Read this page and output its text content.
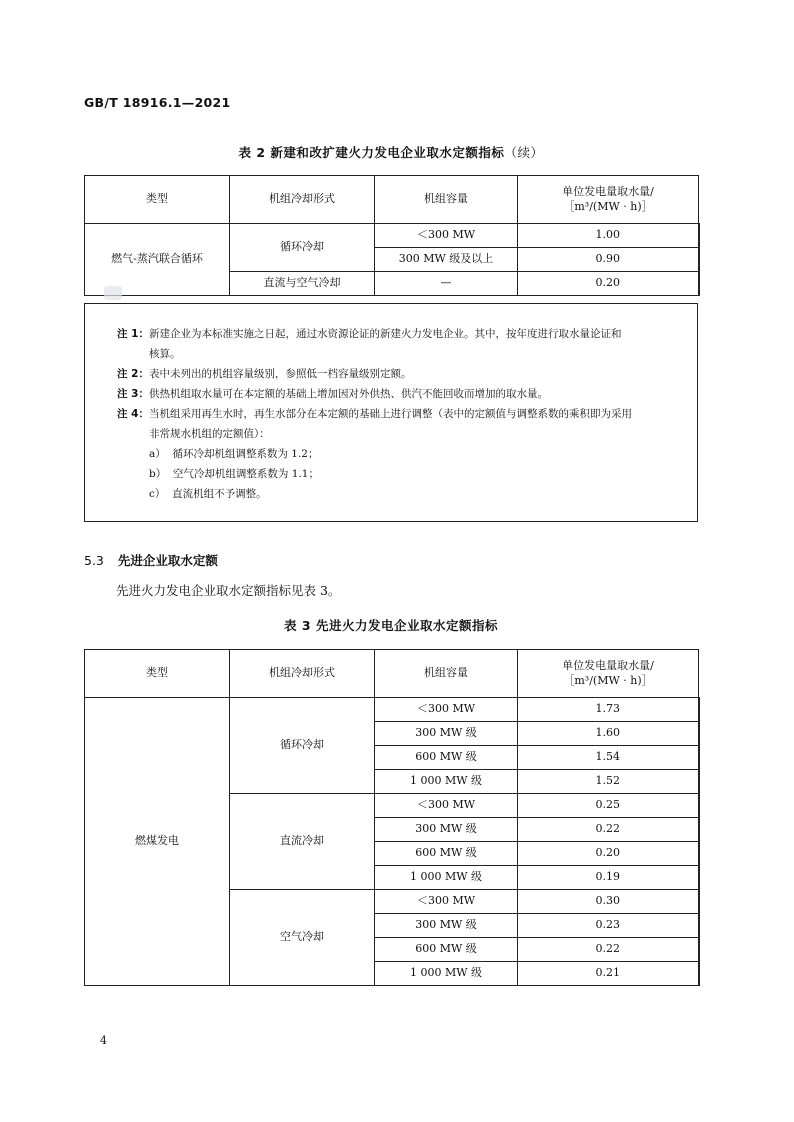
GB/T 18916.1—2021
表 2 新建和改扩建火力发电企业取水定额指标（续）
类型	机组冷却形式	机组容量	单位发电量取水量/
［m³/(MW · h)］
燃气-蒸汽联合循环	循环冷却	＜300 MW	1.00
		300 MW 级及以上	0.90
	直流与空气冷却	—	0.20
注 1：新建企业为本标准实施之日起，通过水资源论证的新建火力发电企业。其中，按年度进行取水量论证和
核算。
注 2：表中未列出的机组容量级别，参照低一档容量级别定额。
注 3：供热机组取水量可在本定额的基础上增加因对外供热、供汽不能回收而增加的取水量。
注 4：当机组采用再生水时，再生水部分在本定额的基础上进行调整（表中的定额值与调整系数的乘积即为采用
非常规水机组的定额值）：
a） 循环冷却机组调整系数为 1.2；
b） 空气冷却机组调整系数为 1.1；
c） 直流机组不予调整。
5.3 先进企业取水定额
先进火力发电企业取水定额指标见表 3。
表 3 先进火力发电企业取水定额指标
类型	机组冷却形式	机组容量	单位发电量取水量/
［m³/(MW · h)］
燃煤发电	循环冷却	＜300 MW	1.73
		300 MW 级	1.60
		600 MW 级	1.54
		1 000 MW 级	1.52
	直流冷却	＜300 MW	0.25
		300 MW 级	0.22
		600 MW 级	0.20
		1 000 MW 级	0.19
	空气冷却	＜300 MW	0.30
		300 MW 级	0.23
		600 MW 级	0.22
		1 000 MW 级	0.21
4
